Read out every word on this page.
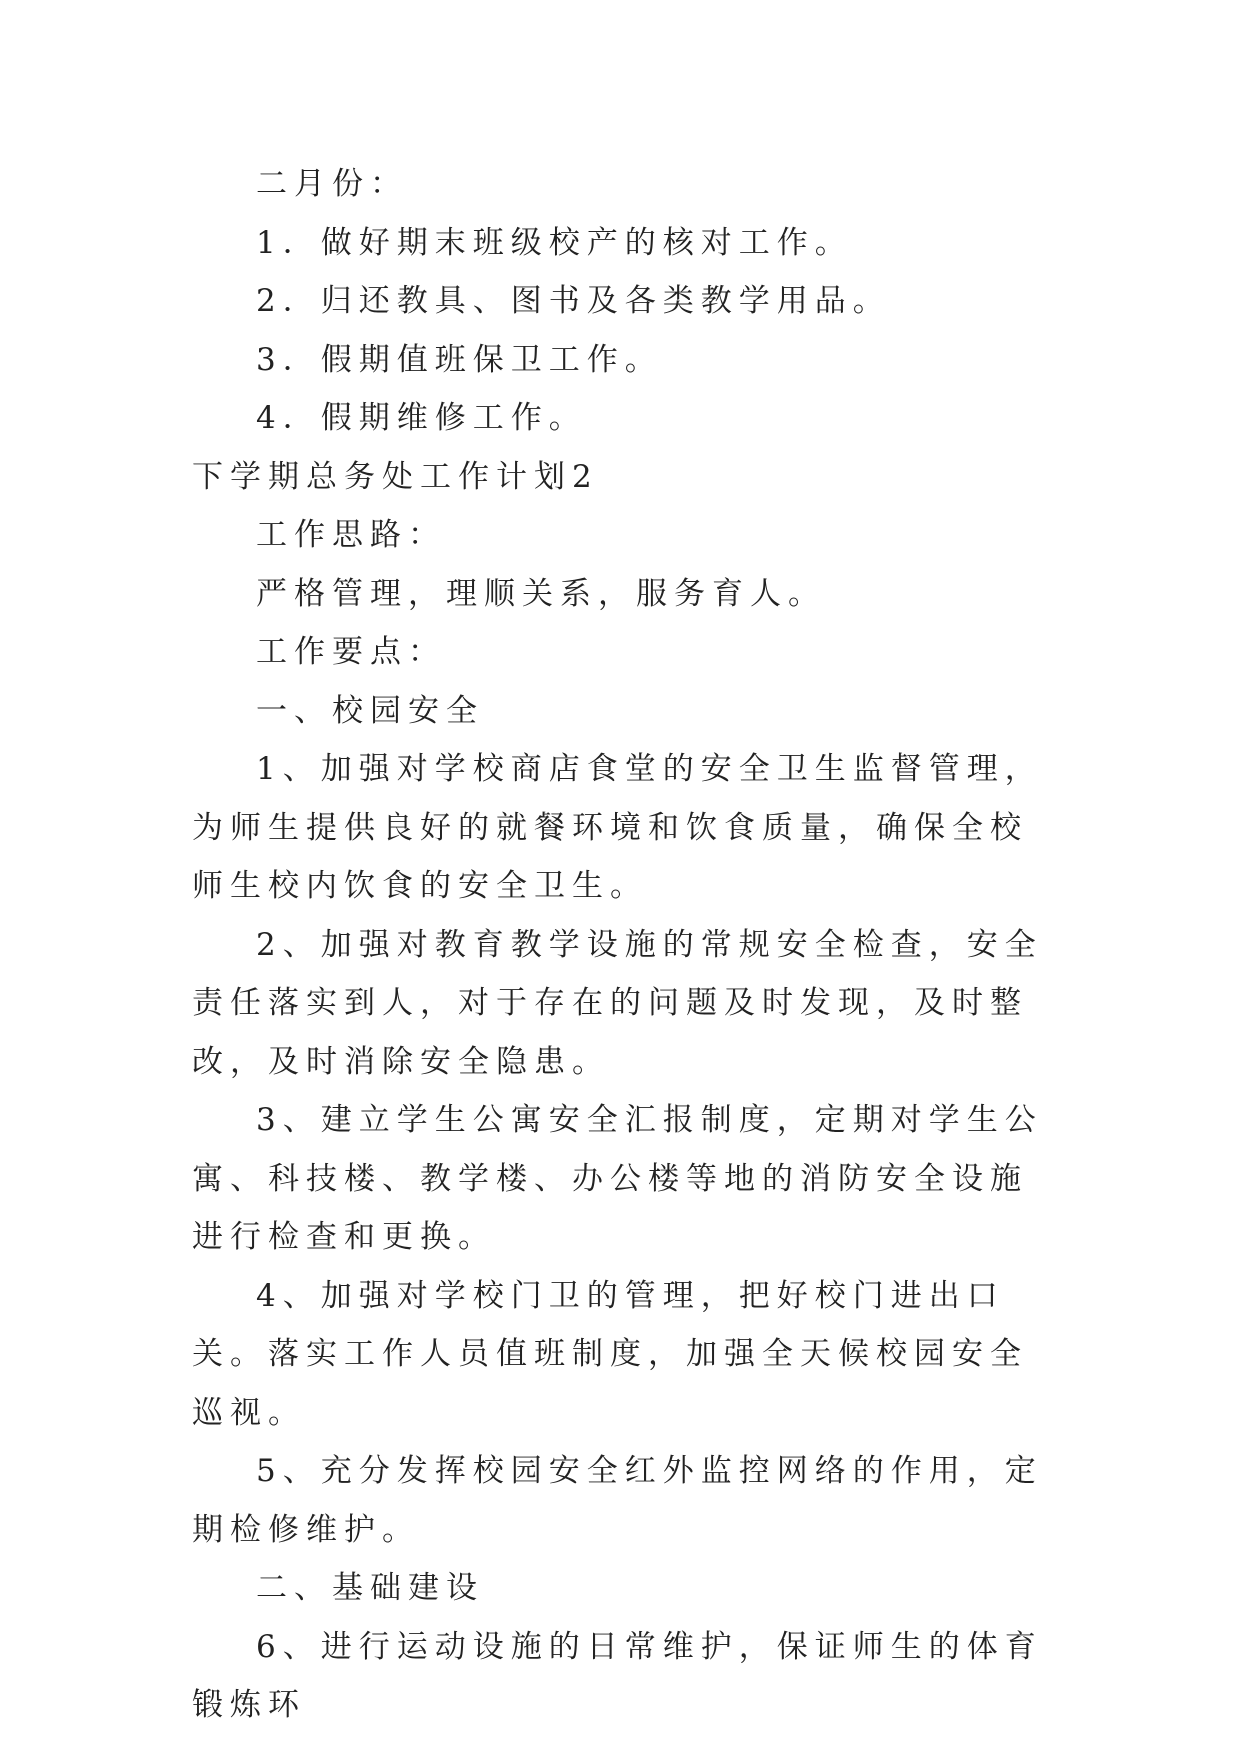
二月份：

1．做好期末班级校产的核对工作。

2．归还教具、图书及各类教学用品。

3．假期值班保卫工作。

4．假期维修工作。

下学期总务处工作计划2

工作思路：

严格管理，理顺关系，服务育人。

工作要点：

一、校园安全

1、加强对学校商店食堂的安全卫生监督管理，为师生提供良好的就餐环境和饮食质量，确保全校师生校内饮食的安全卫生。

2、加强对教育教学设施的常规安全检查，安全责任落实到人，对于存在的问题及时发现，及时整改，及时消除安全隐患。

3、建立学生公寓安全汇报制度，定期对学生公寓、科技楼、教学楼、办公楼等地的消防安全设施进行检查和更换。

4、加强对学校门卫的管理，把好校门进出口关。落实工作人员值班制度，加强全天候校园安全巡视。

5、充分发挥校园安全红外监控网络的作用，定期检修维护。

二、基础建设

6、进行运动设施的日常维护，保证师生的体育锻炼环
